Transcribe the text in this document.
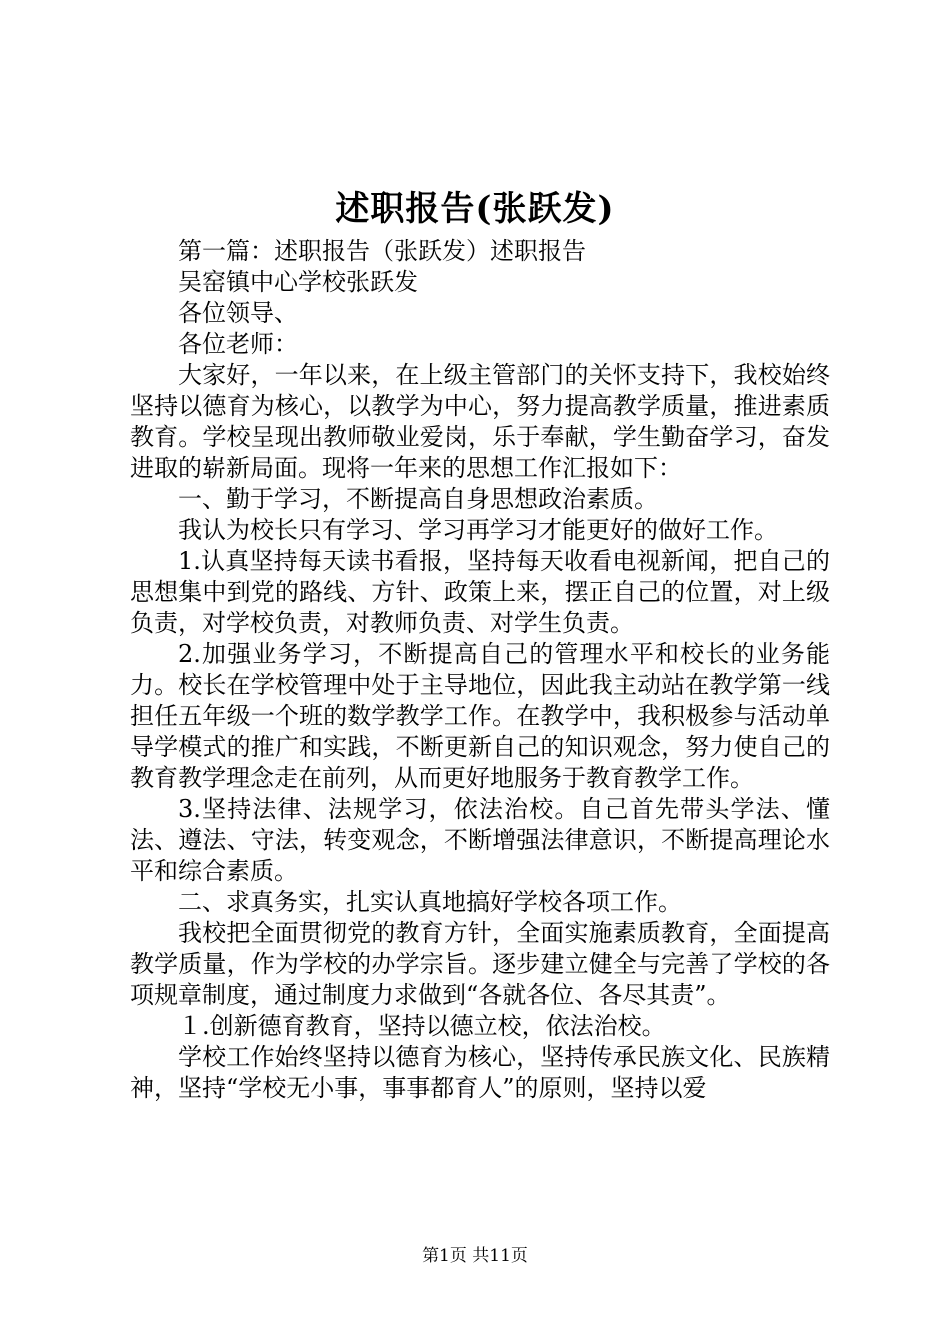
述职报告(张跃发)

第一篇：述职报告（张跃发）述职报告

吴窑镇中心学校张跃发

各位领导、

各位老师：

大家好，一年以来，在上级主管部门的关怀支持下，我校始终坚持以德育为核心，以教学为中心，努力提高教学质量，推进素质教育。学校呈现出教师敬业爱岗，乐于奉献，学生勤奋学习，奋发进取的崭新局面。现将一年来的思想工作汇报如下：

一、勤于学习，不断提高自身思想政治素质。

我认为校长只有学习、学习再学习才能更好的做好工作。

1.认真坚持每天读书看报，坚持每天收看电视新闻，把自己的思想集中到党的路线、方针、政策上来，摆正自己的位置，对上级负责，对学校负责，对教师负责、对学生负责。

2.加强业务学习，不断提高自己的管理水平和校长的业务能力。校长在学校管理中处于主导地位，因此我主动站在教学第一线担任五年级一个班的数学教学工作。在教学中，我积极参与活动单导学模式的推广和实践，不断更新自己的知识观念，努力使自己的教育教学理念走在前列，从而更好地服务于教育教学工作。

3.坚持法律、法规学习，依法治校。自己首先带头学法、懂法、遵法、守法，转变观念，不断增强法律意识，不断提高理论水平和综合素质。

二、求真务实，扎实认真地搞好学校各项工作。

我校把全面贯彻党的教育方针，全面实施素质教育，全面提高教学质量，作为学校的办学宗旨。逐步建立健全与完善了学校的各项规章制度，通过制度力求做到“各就各位、各尽其责”。

１.创新德育教育，坚持以德立校，依法治校。

学校工作始终坚持以德育为核心，坚持传承民族文化、民族精神，坚持“学校无小事，事事都育人”的原则，坚持以爱

第1页 共11页
